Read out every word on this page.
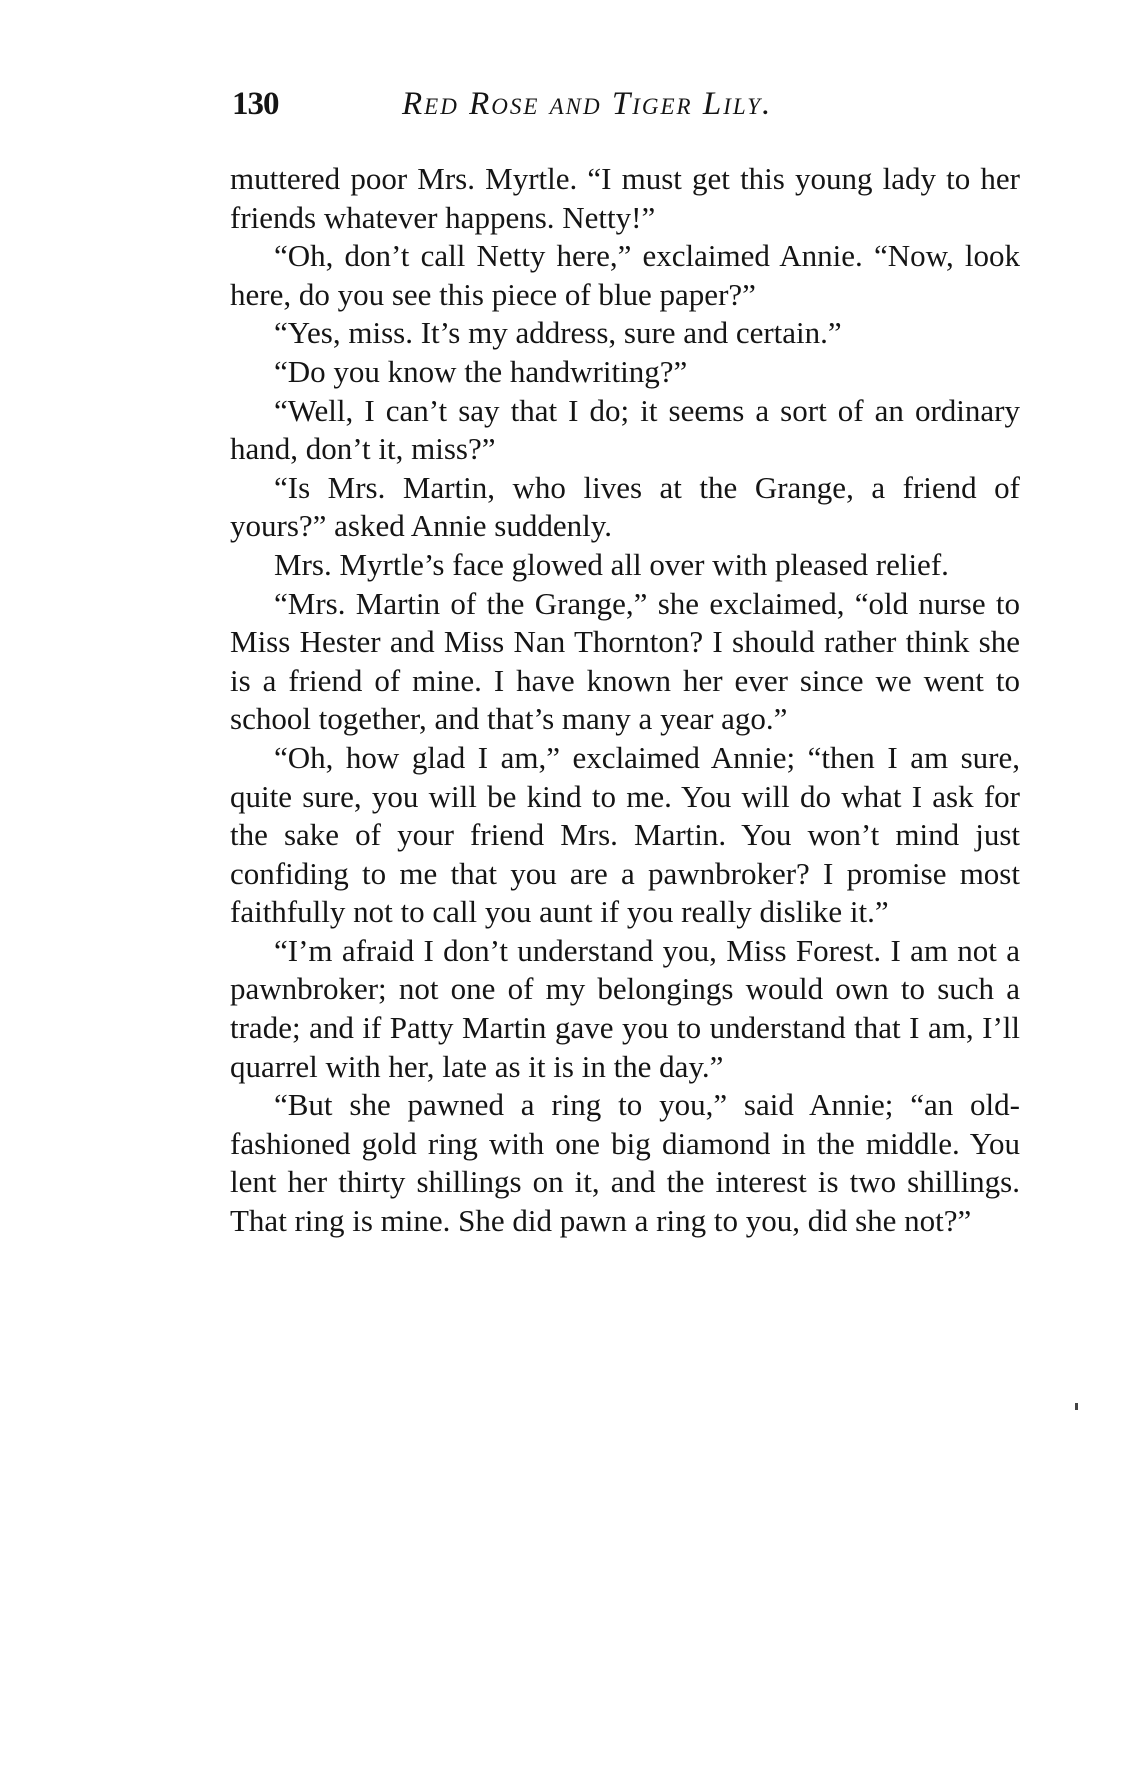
130	Red Rose and Tiger Lily.

muttered poor Mrs. Myrtle. “I must get this young lady to her friends whatever happens. Netty!”

“Oh, don’t call Netty here,” exclaimed Annie. “Now, look here, do you see this piece of blue paper?”

“Yes, miss. It’s my address, sure and certain.”

“Do you know the handwriting?”

“Well, I can’t say that I do; it seems a sort of an ordinary hand, don’t it, miss?”

“Is Mrs. Martin, who lives at the Grange, a friend of yours?” asked Annie suddenly.

Mrs. Myrtle’s face glowed all over with pleased relief.

“Mrs. Martin of the Grange,” she exclaimed, “old nurse to Miss Hester and Miss Nan Thornton? I should rather think she is a friend of mine. I have known her ever since we went to school together, and that’s many a year ago.”

“Oh, how glad I am,” exclaimed Annie; “then I am sure, quite sure, you will be kind to me. You will do what I ask for the sake of your friend Mrs. Martin. You won’t mind just confiding to me that you are a pawnbroker? I promise most faithfully not to call you aunt if you really dislike it.”

“I’m afraid I don’t understand you, Miss Forest. I am not a pawnbroker; not one of my belongings would own to such a trade; and if Patty Martin gave you to understand that I am, I’ll quarrel with her, late as it is in the day.”

“But she pawned a ring to you,” said Annie; “an old-fashioned gold ring with one big diamond in the middle. You lent her thirty shillings on it, and the interest is two shillings. That ring is mine. She did pawn a ring to you, did she not?”
